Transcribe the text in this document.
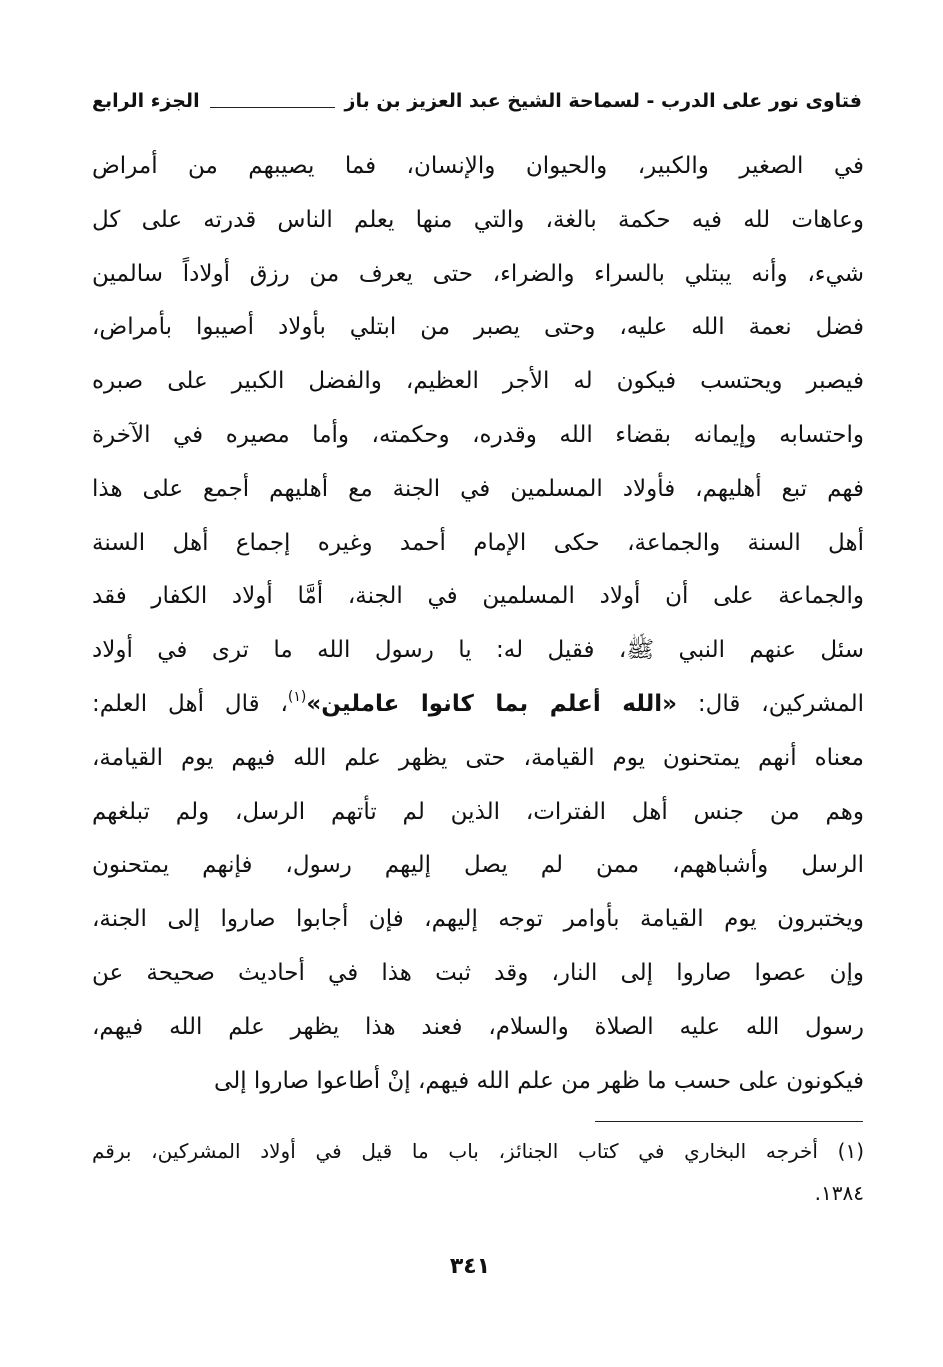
فتاوى نور على الدرب - لسماحة الشيخ عبد العزيز بن باز
الجزء الرابع
في الصغير والكبير، والحيوان والإنسان، فما يصيبهم من أمراض
وعاهات لله فيه حكمة بالغة، والتي منها يعلم الناس قدرته على كل
شيء، وأنه يبتلي بالسراء والضراء، حتى يعرف من رزق أولاداً سالمين
فضل نعمة الله عليه، وحتى يصبر من ابتلي بأولاد أصيبوا بأمراض،
فيصبر ويحتسب فيكون له الأجر العظيم، والفضل الكبير على صبره
واحتسابه وإيمانه بقضاء الله وقدره، وحكمته، وأما مصيره في الآخرة
فهم تبع أهليهم، فأولاد المسلمين في الجنة مع أهليهم أجمع على هذا
أهل السنة والجماعة، حكى الإمام أحمد وغيره إجماع أهل السنة
والجماعة على أن أولاد المسلمين في الجنة، أمَّا أولاد الكفار فقد
سئل عنهم النبي ﷺ، فقيل له: يا رسول الله ما ترى في أولاد
المشركين، قال: «الله أعلم بما كانوا عاملين»$^{(١)}$، قال أهل العلم:
معناه أنهم يمتحنون يوم القيامة، حتى يظهر علم الله فيهم يوم القيامة،
وهم من جنس أهل الفترات، الذين لم تأتهم الرسل، ولم تبلغهم
الرسل وأشباههم، ممن لم يصل إليهم رسول، فإنهم يمتحنون
ويختبرون يوم القيامة بأوامر توجه إليهم، فإن أجابوا صاروا إلى الجنة،
وإن عصوا صاروا إلى النار، وقد ثبت هذا في أحاديث صحيحة عن
رسول الله عليه الصلاة والسلام، فعند هذا يظهر علم الله فيهم،
فيكونون على حسب ما ظهر من علم الله فيهم، إنْ أطاعوا صاروا إلى
(١) أخرجه البخاري في كتاب الجنائز، باب ما قيل في أولاد المشركين، برقم
١٣٨٤.
٣٤١
